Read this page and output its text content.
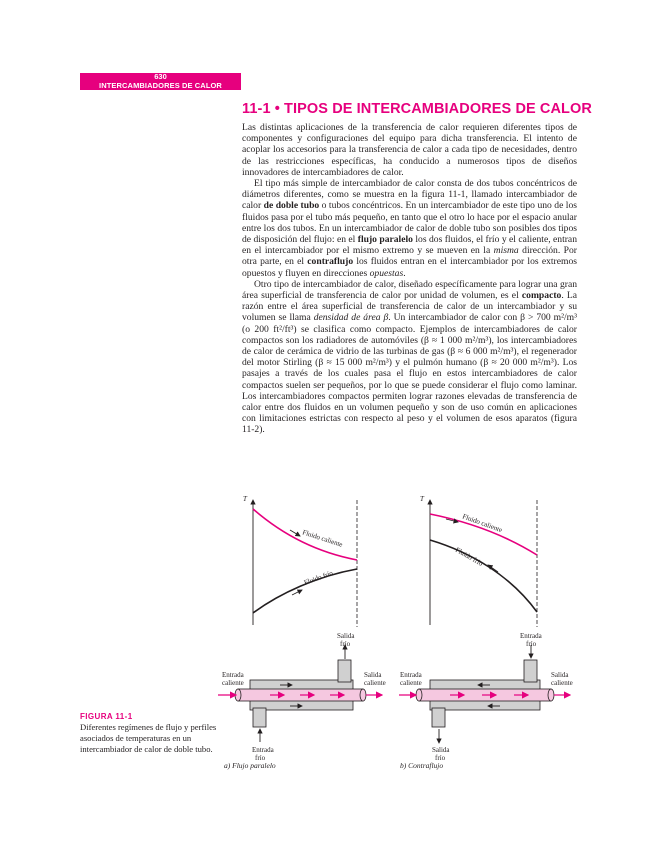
630
INTERCAMBIADORES DE CALOR
11-1 • TIPOS DE INTERCAMBIADORES DE CALOR

Las distintas aplicaciones de la transferencia de calor requieren diferentes tipos de componentes y configuraciones del equipo para dicha transferencia. El intento de acoplar los accesorios para la transferencia de calor a cada tipo de necesidades, dentro de las restricciones específicas, ha conducido a numerosos tipos de diseños innovadores de intercambiadores de calor.

El tipo más simple de intercambiador de calor consta de dos tubos concéntricos de diámetros diferentes, como se muestra en la figura 11-1, llamado intercambiador de calor de doble tubo o tubos concéntricos. En un intercambiador de este tipo uno de los fluidos pasa por el tubo más pequeño, en tanto que el otro lo hace por el espacio anular entre los dos tubos. En un intercambiador de calor de doble tubo son posibles dos tipos de disposición del flujo: en el flujo paralelo los dos fluidos, el frío y el caliente, entran en el intercambiador por el mismo extremo y se mueven en la misma dirección. Por otra parte, en el contraflujo los fluidos entran en el intercambiador por los extremos opuestos y fluyen en direcciones opuestas.

Otro tipo de intercambiador de calor, diseñado específicamente para lograr una gran área superficial de transferencia de calor por unidad de volumen, es el compacto. La razón entre el área superficial de transferencia de calor de un intercambiador y su volumen se llama densidad de área β. Un intercambiador de calor con β > 700 m²/m³ (o 200 ft²/ft³) se clasifica como compacto. Ejemplos de intercambiadores de calor compactos son los radiadores de automóviles (β ≈ 1 000 m²/m³), los intercambiadores de calor de cerámica de vidrio de las turbinas de gas (β ≈ 6 000 m²/m³), el regenerador del motor Stirling (β ≈ 15 000 m²/m³) y el pulmón humano (β ≈ 20 000 m²/m³). Los pasajes a través de los cuales pasa el flujo en estos intercambiadores de calor compactos suelen ser pequeños, por lo que se puede considerar el flujo como laminar. Los intercambiadores compactos permiten lograr razones elevadas de transferencia de calor entre dos fluidos en un volumen pequeño y son de uso común en aplicaciones con limitaciones estrictas con respecto al peso y el volumen de esos aparatos (figura 11-2).

FIGURA 11-1
Diferentes regímenes de flujo y perfiles asociados de temperaturas en un intercambiador de calor de doble tubo.
T
Fluido caliente
Fluido frío
T
Fluido caliente
Fluido frío
Entrada
caliente
Salida
caliente
Entrada
frío
Salida
frío
a) Flujo paralelo
Entrada
caliente
Salida
caliente
Salida
frío
Entrada
frío
b) Contraflujo
